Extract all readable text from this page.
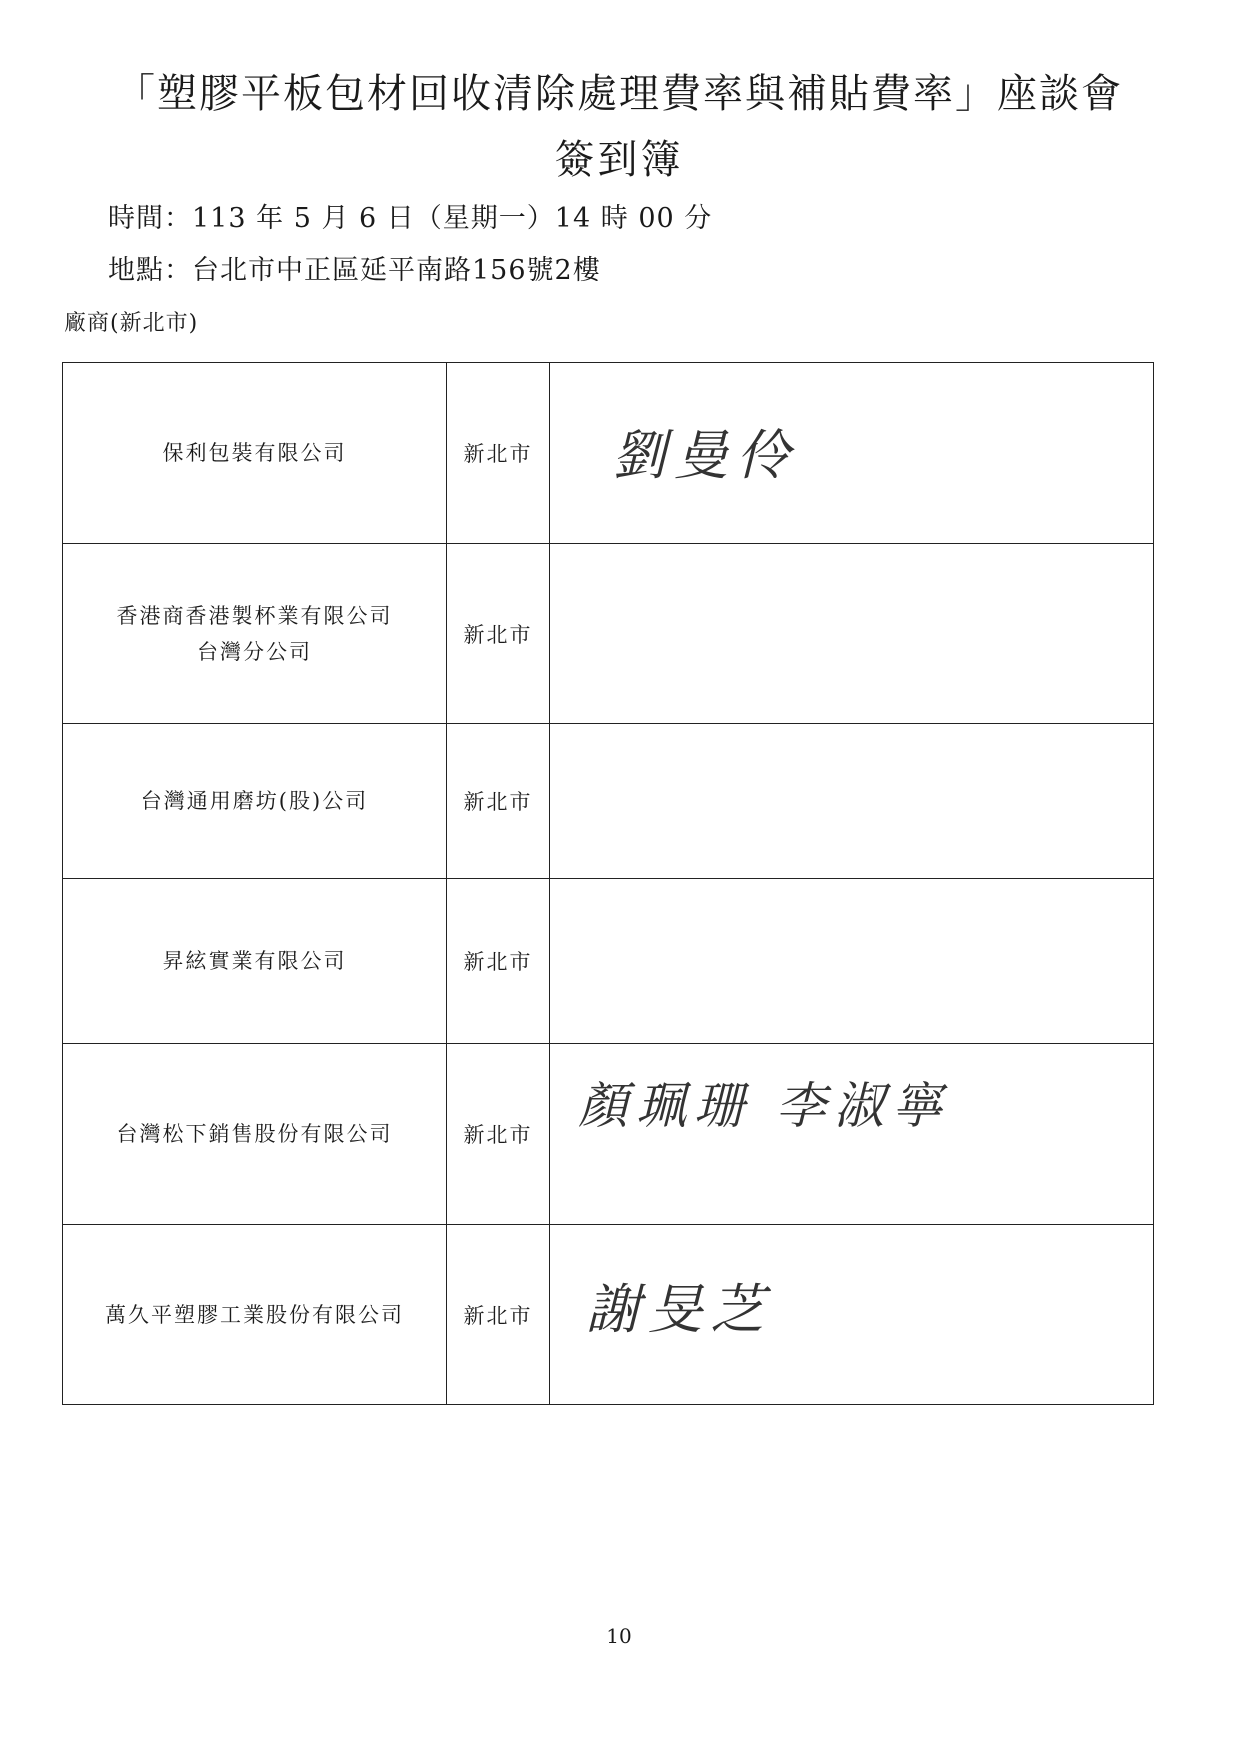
「塑膠平板包材回收清除處理費率與補貼費率」座談會
簽到簿
時間：113 年 5 月 6 日（星期一）14 時 00 分
地點：台北市中正區延平南路156號2樓
廠商(新北市)
保利包裝有限公司	新北市	劉曼伶

香港商香港製杯業有限公司
台灣分公司	新北市	

台灣通用磨坊(股)公司	新北市	

昇絃實業有限公司	新北市	

台灣松下銷售股份有限公司	新北市	顏珮珊 李淑寧

萬久平塑膠工業股份有限公司	新北市	謝旻芝
10
